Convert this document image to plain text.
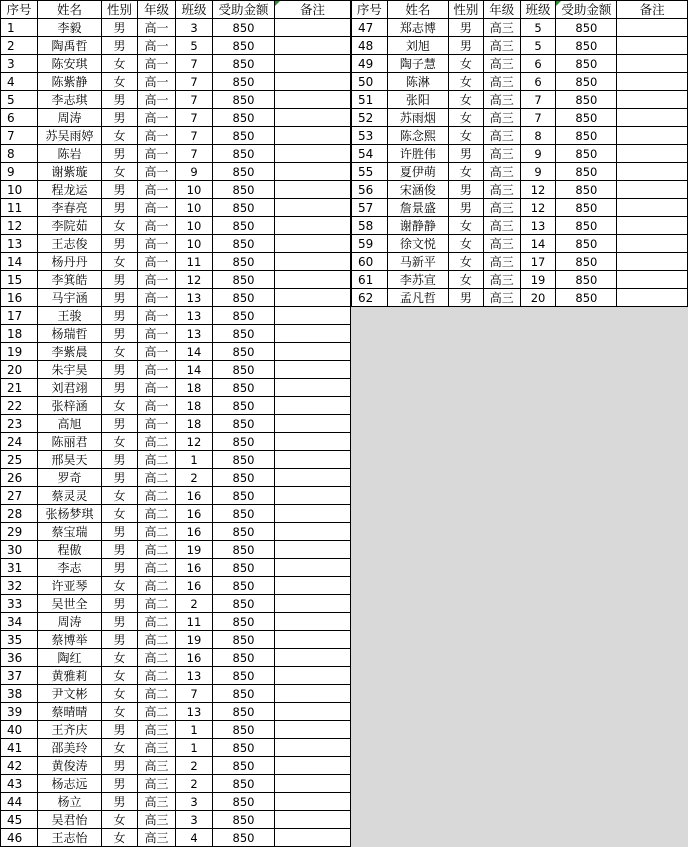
序号	姓名	性别	年级	班级	受助金额	备注
1	李毅	男	高一	3	850	
2	陶禹哲	男	高一	5	850	
3	陈安琪	女	高一	7	850	
4	陈紫静	女	高一	7	850	
5	李志琪	男	高一	7	850	
6	周涛	男	高一	7	850	
7	苏吴雨婷	女	高一	7	850	
8	陈岩	男	高一	7	850	
9	谢紫璇	女	高一	9	850	
10	程龙运	男	高一	10	850	
11	李春亮	男	高一	10	850	
12	李院茹	女	高一	10	850	
13	王志俊	男	高一	10	850	
14	杨丹丹	女	高一	11	850	
15	李箕皓	男	高一	12	850	
16	马宇涵	男	高一	13	850	
17	王骏	男	高一	13	850	
18	杨瑞哲	男	高一	13	850	
19	李紫晨	女	高一	14	850	
20	朱宇昊	男	高一	14	850	
21	刘君翊	男	高一	18	850	
22	张梓涵	女	高一	18	850	
23	高旭	男	高一	18	850	
24	陈丽君	女	高二	12	850	
25	邢昊天	男	高二	1	850	
26	罗奇	男	高二	2	850	
27	蔡灵灵	女	高二	16	850	
28	张杨梦琪	女	高二	16	850	
29	蔡宝瑞	男	高二	16	850	
30	程傲	男	高二	19	850	
31	李志	男	高二	16	850	
32	许亚琴	女	高二	16	850	
33	吴世全	男	高二	2	850	
34	周涛	男	高二	11	850	
35	蔡博举	男	高二	19	850	
36	陶红	女	高二	16	850	
37	黄雅莉	女	高二	13	850	
38	尹文彬	女	高二	7	850	
39	蔡晴晴	女	高二	13	850	
40	王齐庆	男	高三	1	850	
41	邵美玲	女	高三	1	850	
42	黄俊涛	男	高三	2	850	
43	杨志远	男	高三	2	850	
44	杨立	男	高三	3	850	
45	吴君怡	女	高三	3	850	
46	王志怡	女	高三	4	850	
序号	姓名	性别	年级	班级	受助金额	备注
47	郑志博	男	高三	5	850	
48	刘旭	男	高三	5	850	
49	陶子慧	女	高三	6	850	
50	陈淋	女	高三	6	850	
51	张阳	女	高三	7	850	
52	苏雨烟	女	高三	7	850	
53	陈念熙	女	高三	8	850	
54	许胜伟	男	高三	9	850	
55	夏伊萌	女	高三	9	850	
56	宋涵俊	男	高三	12	850	
57	詹景盛	男	高三	12	850	
58	谢静静	女	高三	13	850	
59	徐文悦	女	高三	14	850	
60	马新平	女	高三	17	850	
61	李苏宣	女	高三	19	850	
62	孟凡哲	男	高三	20	850	
